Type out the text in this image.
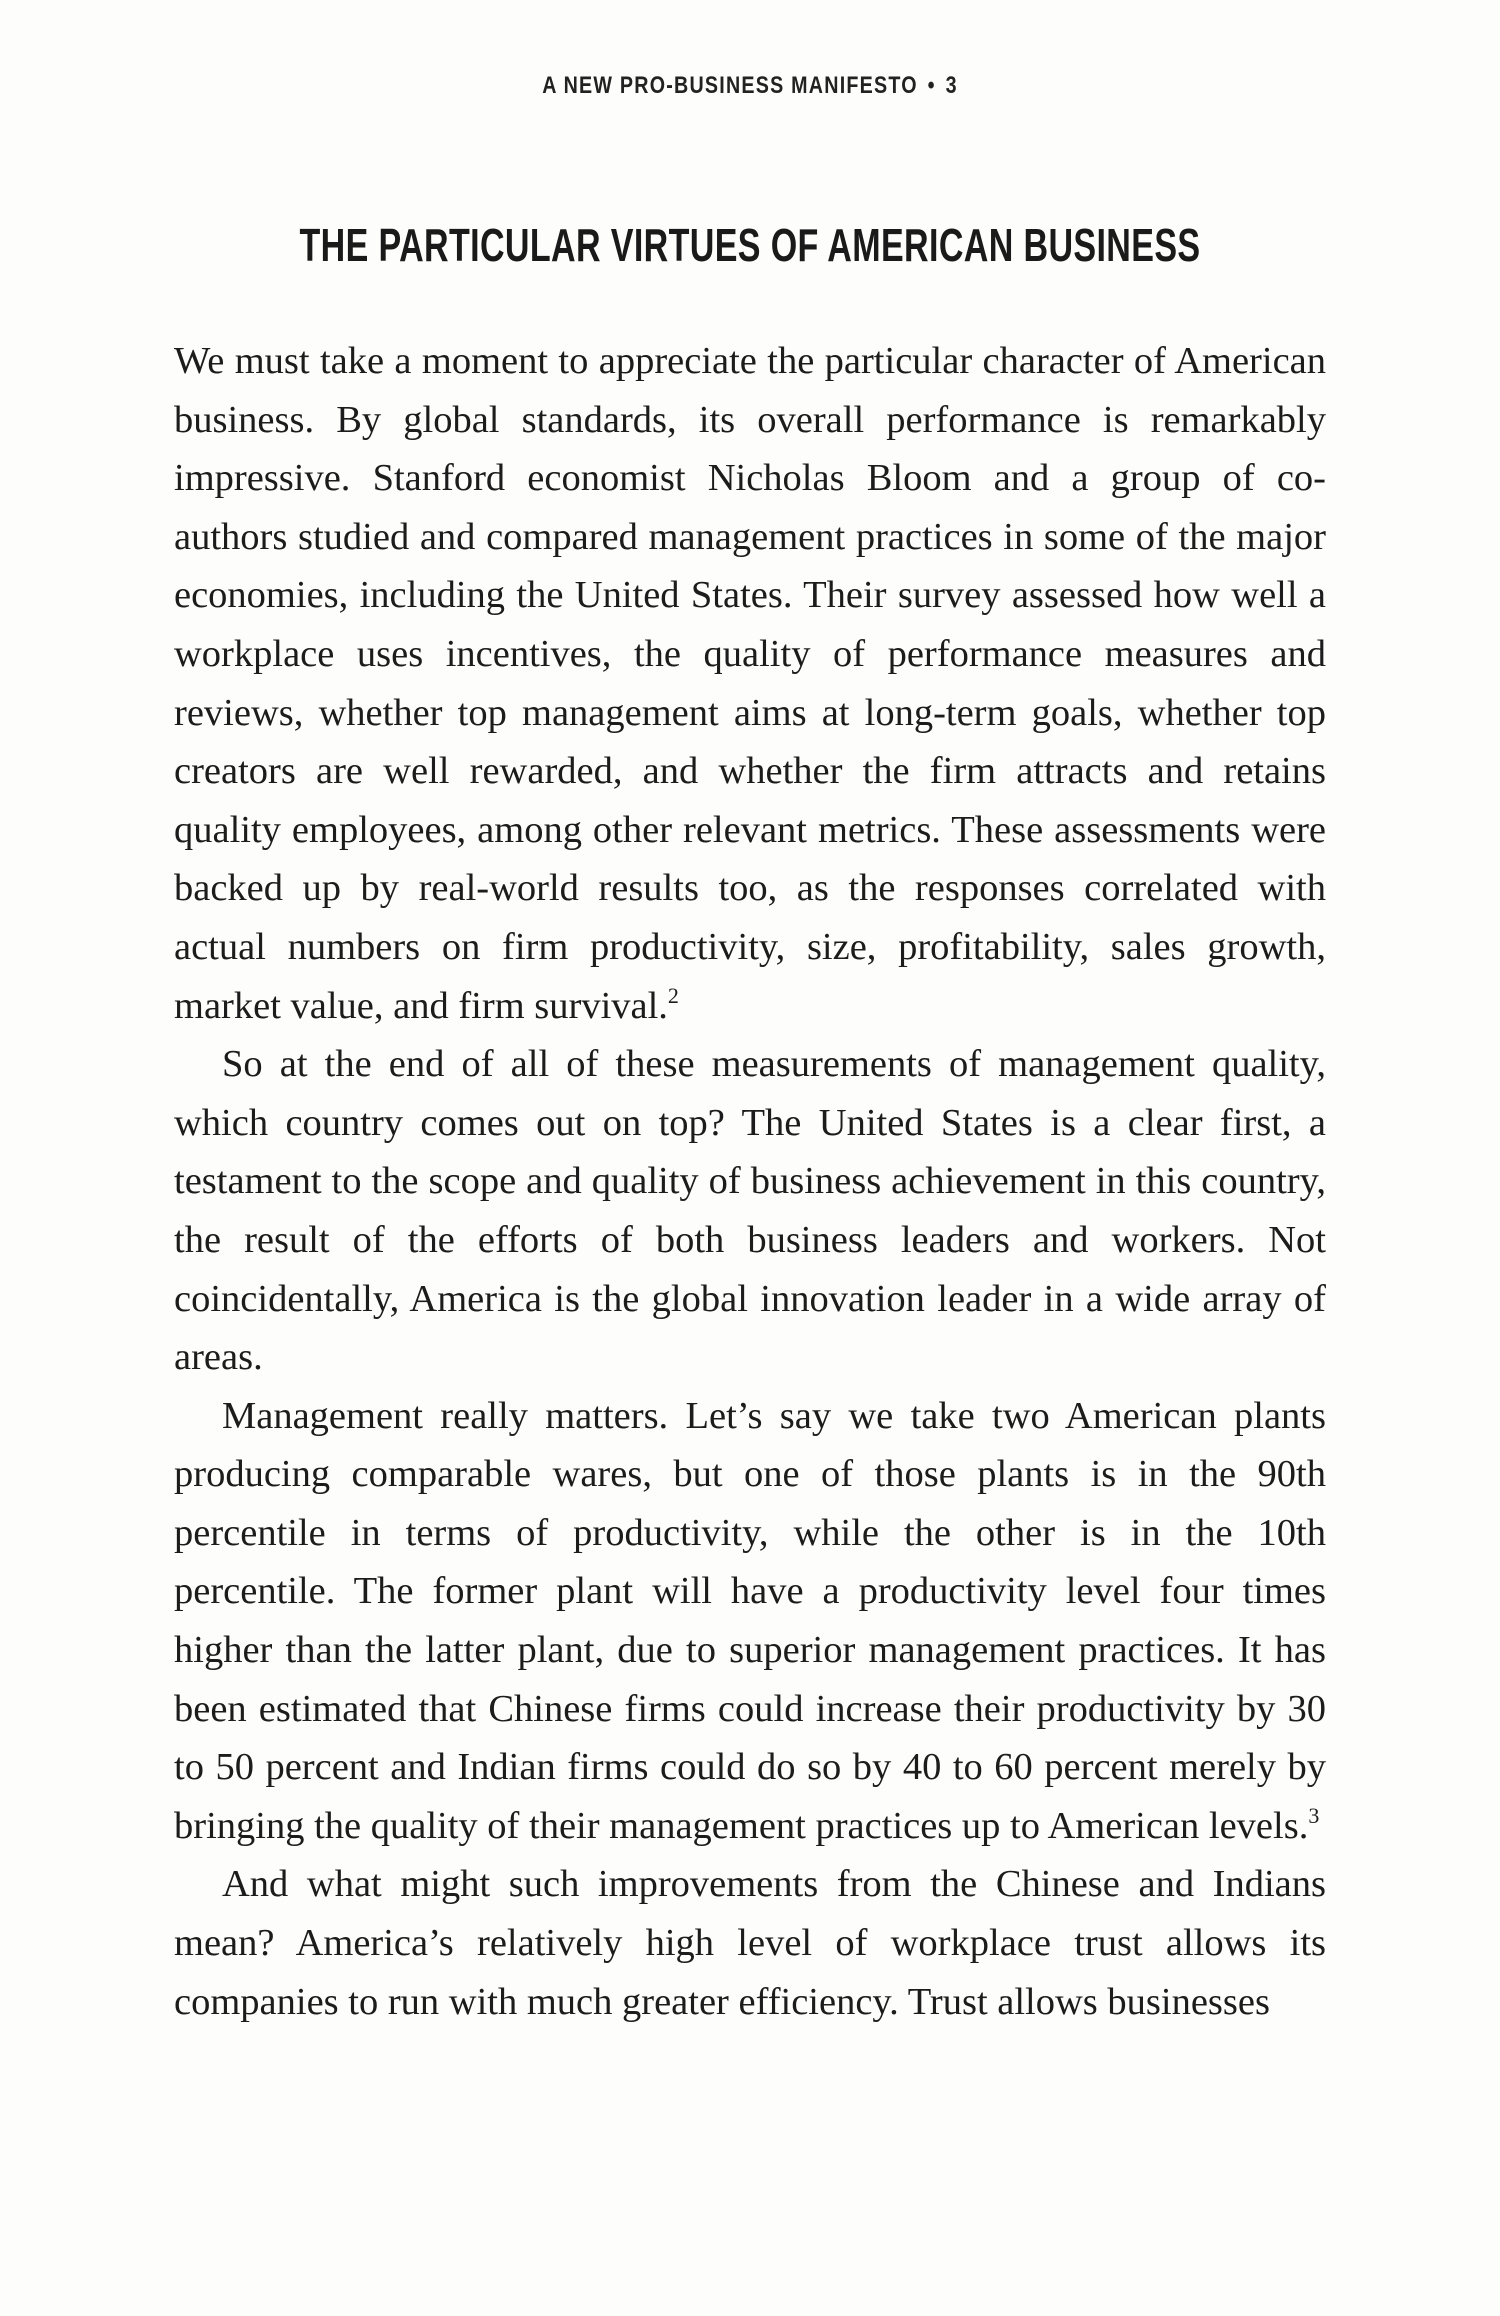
A NEW PRO-BUSINESS MANIFESTO • 3
THE PARTICULAR VIRTUES OF AMERICAN BUSINESS

We must take a moment to appreciate the particular character of American business. By global standards, its overall performance is remarkably impressive. Stanford economist Nicholas Bloom and a group of co-authors studied and compared management practices in some of the major economies, including the United States. Their survey assessed how well a workplace uses incentives, the quality of performance measures and reviews, whether top management aims at long-term goals, whether top creators are well rewarded, and whether the firm attracts and retains quality employees, among other relevant metrics. These assessments were backed up by real-world results too, as the responses correlated with actual numbers on firm productivity, size, profitability, sales growth, market value, and firm survival.$^2$

So at the end of all of these measurements of management quality, which country comes out on top? The United States is a clear first, a testament to the scope and quality of business achievement in this country, the result of the efforts of both business leaders and workers. Not coincidentally, America is the global innovation leader in a wide array of areas.

Management really matters. Let’s say we take two American plants producing comparable wares, but one of those plants is in the 90th percentile in terms of productivity, while the other is in the 10th percentile. The former plant will have a productivity level four times higher than the latter plant, due to superior management practices. It has been estimated that Chinese firms could increase their productivity by 30 to 50 percent and Indian firms could do so by 40 to 60 percent merely by bringing the quality of their management practices up to American levels.$^3$

And what might such improvements from the Chinese and Indians mean? America’s relatively high level of workplace trust allows its companies to run with much greater efficiency. Trust allows businesses
